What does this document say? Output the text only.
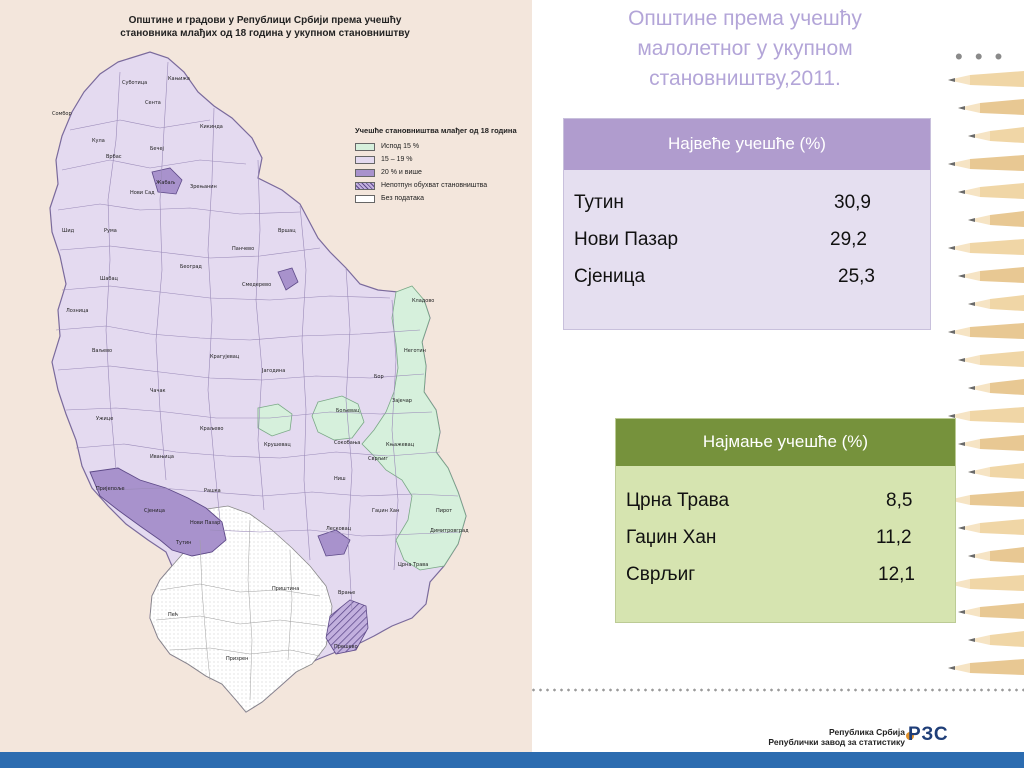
Општине и градови у Републици Србији према учешћу
становника млађих од 18 година у укупном становништву
Суботица
Кањижа
Сента
Сомбор
Кула
Врбас
Нови Сад
Жабаљ
Зрењанин
Бечеј
Кикинда
Шид	Рума
Панчево
Вршац
Београд
Смедерево
Ваљево
Крагујевац
Јагодина
Кладово
Неготин
Зајечар
Ниш
Лесковац
Врање
Краљево
Крушевац
Чачак
Ужице
Пријепоље
Сјеница
Нови Пазар
Тутин
Приштина
Пећ
Призрен
Прешево
Сврљиг
Гаџин Хан
Црна Трава
Бор
Књажевац
Пирот
Димитровград
Бољевац
Сокобања
Рашка
Ивањица
Лозница
Шабац
Учешће становништва млађег од 18 година
Испод 15 %
15 – 19 %
20 % и више
Непотпун обухват становништва
Без података
Општине према учешћу
малолетног у укупном
становништву,2011.
• • •
Највеће учешће (%)
Тутин	30,9
Нови Пазар	29,2
Сјеница	25,3
Најмање учешће (%)
Црна Трава	8,5
Гаџин Хан	11,2
Сврљиг	12,1
Република Србија
Републички завод за статистику РЗС
